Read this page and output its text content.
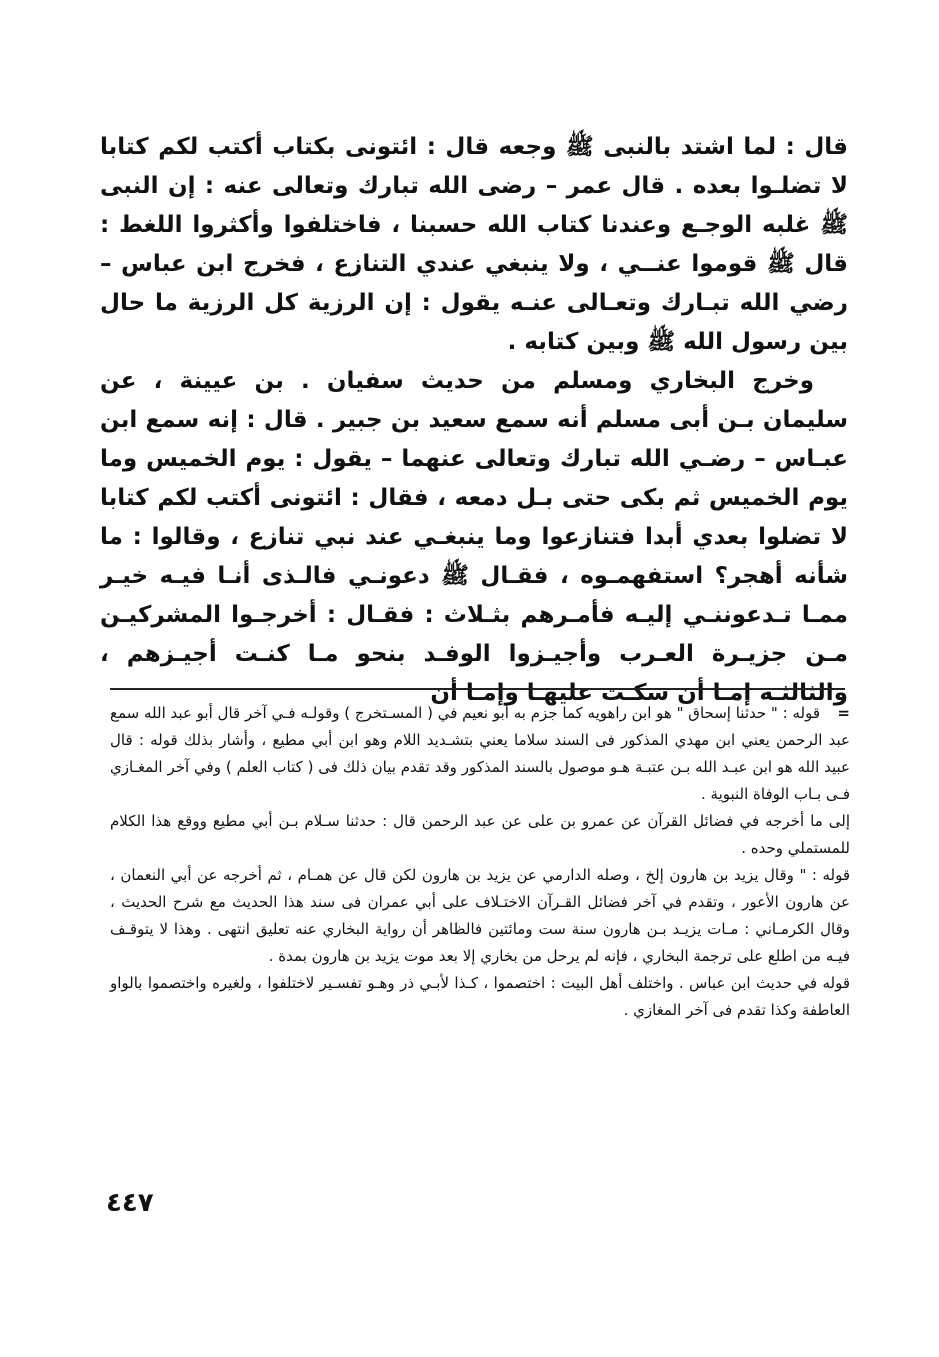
قال : لما اشتد بالنبى ﷺ وجعه قال : ائتونى بكتاب أكتب لكم كتابا لا تضلـوا بعده . قال عمر – رضى الله تبارك وتعالى عنه : إن النبى ﷺ غلبه الوجـع وعندنا كتاب الله حسبنا ، فاختلفوا وأكثروا اللغط : قال ﷺ قوموا عنــي ، ولا ينبغي عندي التنازع ، فخرج ابن عباس – رضي الله تبـارك وتعـالى عنـه يقول : إن الرزية كل الرزية ما حال بين رسول الله ﷺ وبين كتابه .

وخرج البخاري ومسلم من حديث سفيان . بن عيينة ، عن سليمان بـن أبى مسلم أنه سمع سعيد بن جبير . قال : إنه سمع ابن عبـاس – رضـي الله تبارك وتعالى عنهما – يقول : يوم الخميس وما يوم الخميس ثم بكى حتى بـل دمعه ، فقال : ائتونى أكتب لكم كتابا لا تضلوا بعدي أبدا فتنازعوا وما ينبغـي عند نبي تنازع ، وقالوا : ما شأنه أهجر؟ استفهمـوه ، فقـال ﷺ دعونـي فالـذى أنـا فيـه خيـر ممـا تـدعوننـي إليـه فأمـرهم بثـلاث : فقـال : أخرجـوا المشركيـن مـن جزيـرة العـرب وأجيـزوا الوفـد بنحو مـا كنـت أجيـزهم ، والثالثـة إمـا أن سكـت عليهـا وإمـا أن

=قوله : " حدثنا إسحاق " هو ابن راهويه كما جزم به أبو نعيم في ( المسـتخرج ) وقولـه فـي آخر قال أبو عبد الله سمع عبد الرحمن يعني ابن مهدي المذكور فى السند سلاما يعني بتشـديد اللام وهو ابن أبي مطيع ، وأشار بذلك قوله : قال عبيد الله هو ابن عبـد الله بـن عتبـة هـو موصول بالسند المذكور وقد تقدم بيان ذلك فى ( كتاب العلم ) وفي آخر المغـازي فـى بـاب الوفاة النبوية .

إلى ما أخرجه في فضائل القرآن عن عمرو بن على عن عبد الرحمن قال : حدثنا سـلام بـن أبي مطيع ووقع هذا الكلام للمستملي وحده .

قوله : " وقال يزيد بن هارون إلخ ، وصله الدارمي عن يزيد بن هارون لكن قال عن همـام ، ثم أخرجه عن أبي النعمان ، عن هارون الأعور ، وتقدم في آخر فضائل القـرآن الاختـلاف على أبي عمران فى سند هذا الحديث مع شرح الحديث ، وقال الكرمـاني : مـات يزيـد بـن هارون سنة ست ومائتين فالظاهر أن رواية البخاري عنه تعليق انتهى . وهذا لا يتوقـف فيـه من اطلع على ترجمة البخاري ، فإنه لم يرحل من بخاري إلا بعد موت يزيد بن هارون بمدة .

قوله في حديث ابن عباس . واختلف أهل البيت : اختصموا ، كـذا لأبـي ذر وهـو تفسـير لاختلفوا ، ولغيره واختصموا بالواو العاطفة وكذا تقدم فى آخر المغازي .

٤٤٧
